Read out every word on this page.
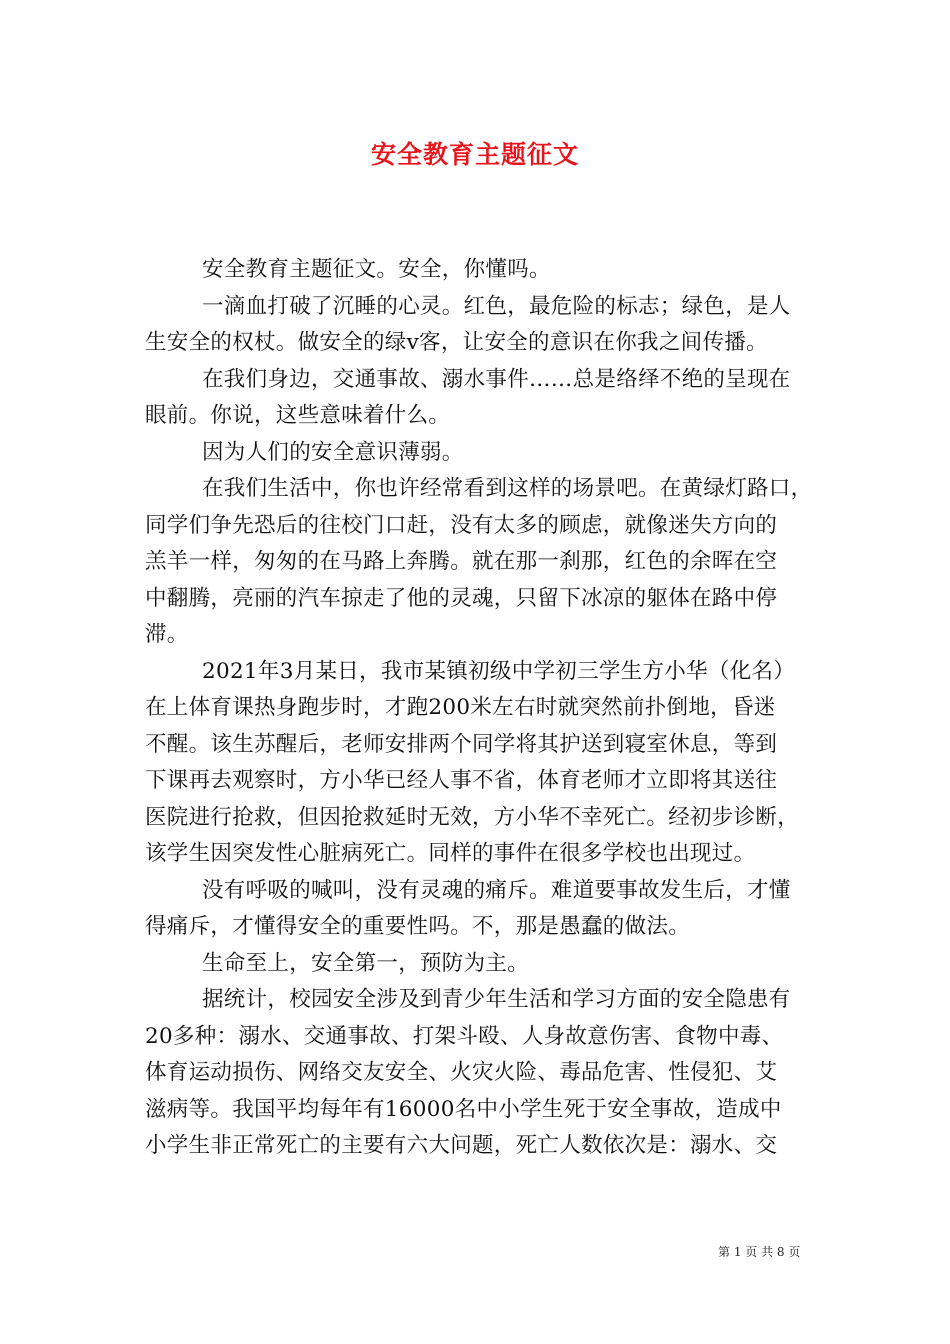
安全教育主题征文
安全教育主题征文。安全，你懂吗。
一滴血打破了沉睡的心灵。红色，最危险的标志；绿色，是人
生安全的权杖。做安全的绿v客，让安全的意识在你我之间传播。
在我们身边，交通事故、溺水事件……总是络绎不绝的呈现在
眼前。你说，这些意味着什么。
因为人们的安全意识薄弱。
在我们生活中，你也许经常看到这样的场景吧。在黄绿灯路口，
同学们争先恐后的往校门口赶，没有太多的顾虑，就像迷失方向的
羔羊一样，匆匆的在马路上奔腾。就在那一刹那，红色的余晖在空
中翻腾，亮丽的汽车掠走了他的灵魂，只留下冰凉的躯体在路中停
滞。
2021年3月某日，我市某镇初级中学初三学生方小华（化名）
在上体育课热身跑步时，才跑200米左右时就突然前扑倒地，昏迷
不醒。该生苏醒后，老师安排两个同学将其护送到寝室休息，等到
下课再去观察时，方小华已经人事不省，体育老师才立即将其送往
医院进行抢救，但因抢救延时无效，方小华不幸死亡。经初步诊断，
该学生因突发性心脏病死亡。同样的事件在很多学校也出现过。
没有呼吸的喊叫，没有灵魂的痛斥。难道要事故发生后，才懂
得痛斥，才懂得安全的重要性吗。不，那是愚蠢的做法。
生命至上，安全第一，预防为主。
据统计，校园安全涉及到青少年生活和学习方面的安全隐患有
20多种：溺水、交通事故、打架斗殴、人身故意伤害、食物中毒、
体育运动损伤、网络交友安全、火灾火险、毒品危害、性侵犯、艾
滋病等。我国平均每年有16000名中小学生死于安全事故，造成中
小学生非正常死亡的主要有六大问题，死亡人数依次是：溺水、交
第 1 页 共 8 页
